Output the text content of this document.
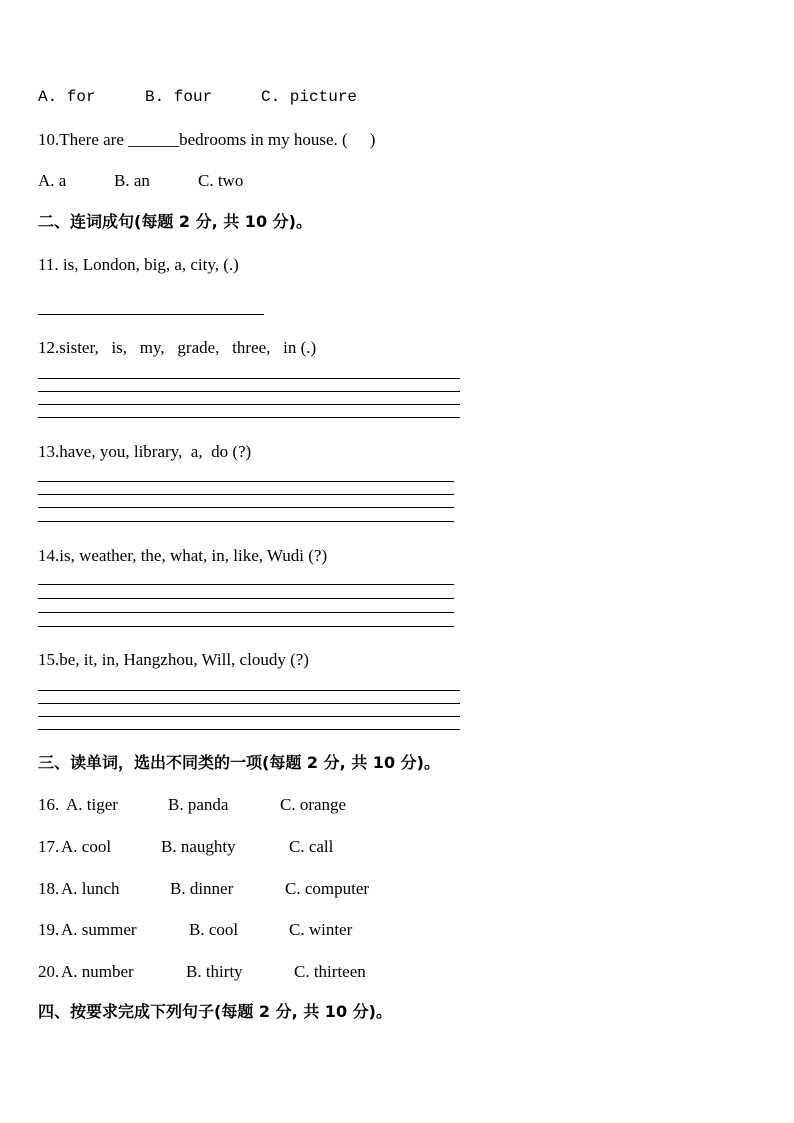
A. for	B. four	C. picture
10.There are ______bedrooms in my house. ( )
A. a	B. an	C. two
二、连词成句(每题 2 分, 共 10 分)。
11. is, London, big, a, city, (.)
12.sister,   is,   my,   grade,   three,   in (.)
13.have, you, library,  a,  do (?)
14.is, weather, the, what, in, like, Wudi (?)
15.be, it, in, Hangzhou, Will, cloudy (?)
三、读单词，选出不同类的一项(每题 2 分, 共 10 分)。
16. A. tiger	B. panda	C. orange
17. A. cool	B. naughty	C. call
18. A. lunch	B. dinner	C. computer
19. A. summer	B. cool	C. winter
20. A. number	B. thirty	C. thirteen
四、按要求完成下列句子(每题 2 分, 共 10 分)。
